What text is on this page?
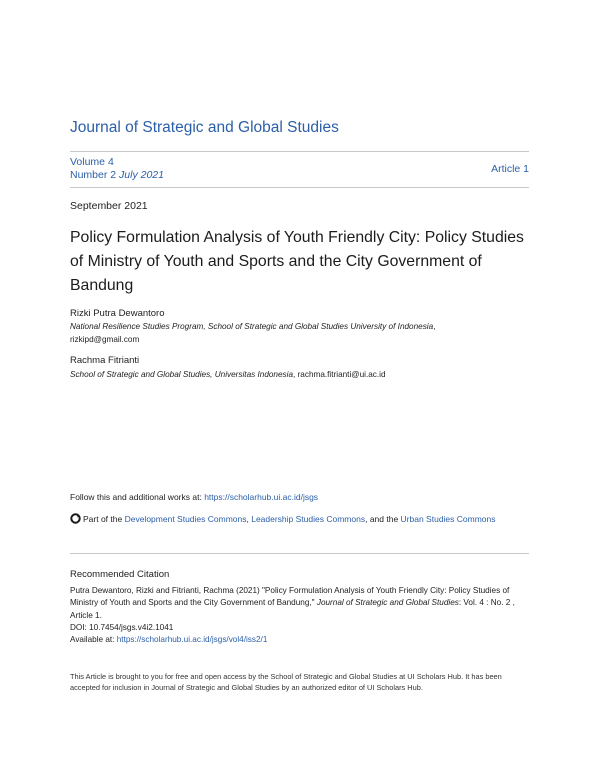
Journal of Strategic and Global Studies
Volume 4
Number 2 July 2021	Article 1
September 2021
Policy Formulation Analysis of Youth Friendly City: Policy Studies of Ministry of Youth and Sports and the City Government of Bandung
Rizki Putra Dewantoro
National Resilience Studies Program, School of Strategic and Global Studies University of Indonesia,
rizkipd@gmail.com
Rachma Fitrianti
School of Strategic and Global Studies, Universitas Indonesia, rachma.fitrianti@ui.ac.id
Follow this and additional works at: https://scholarhub.ui.ac.id/jsgs
Part of the Development Studies Commons, Leadership Studies Commons, and the Urban Studies Commons
Recommended Citation
Putra Dewantoro, Rizki and Fitrianti, Rachma (2021) "Policy Formulation Analysis of Youth Friendly City: Policy Studies of Ministry of Youth and Sports and the City Government of Bandung," Journal of Strategic and Global Studies: Vol. 4 : No. 2 , Article 1.
DOI: 10.7454/jsgs.v4i2.1041
Available at: https://scholarhub.ui.ac.id/jsgs/vol4/iss2/1
This Article is brought to you for free and open access by the School of Strategic and Global Studies at UI Scholars Hub. It has been accepted for inclusion in Journal of Strategic and Global Studies by an authorized editor of UI Scholars Hub.
